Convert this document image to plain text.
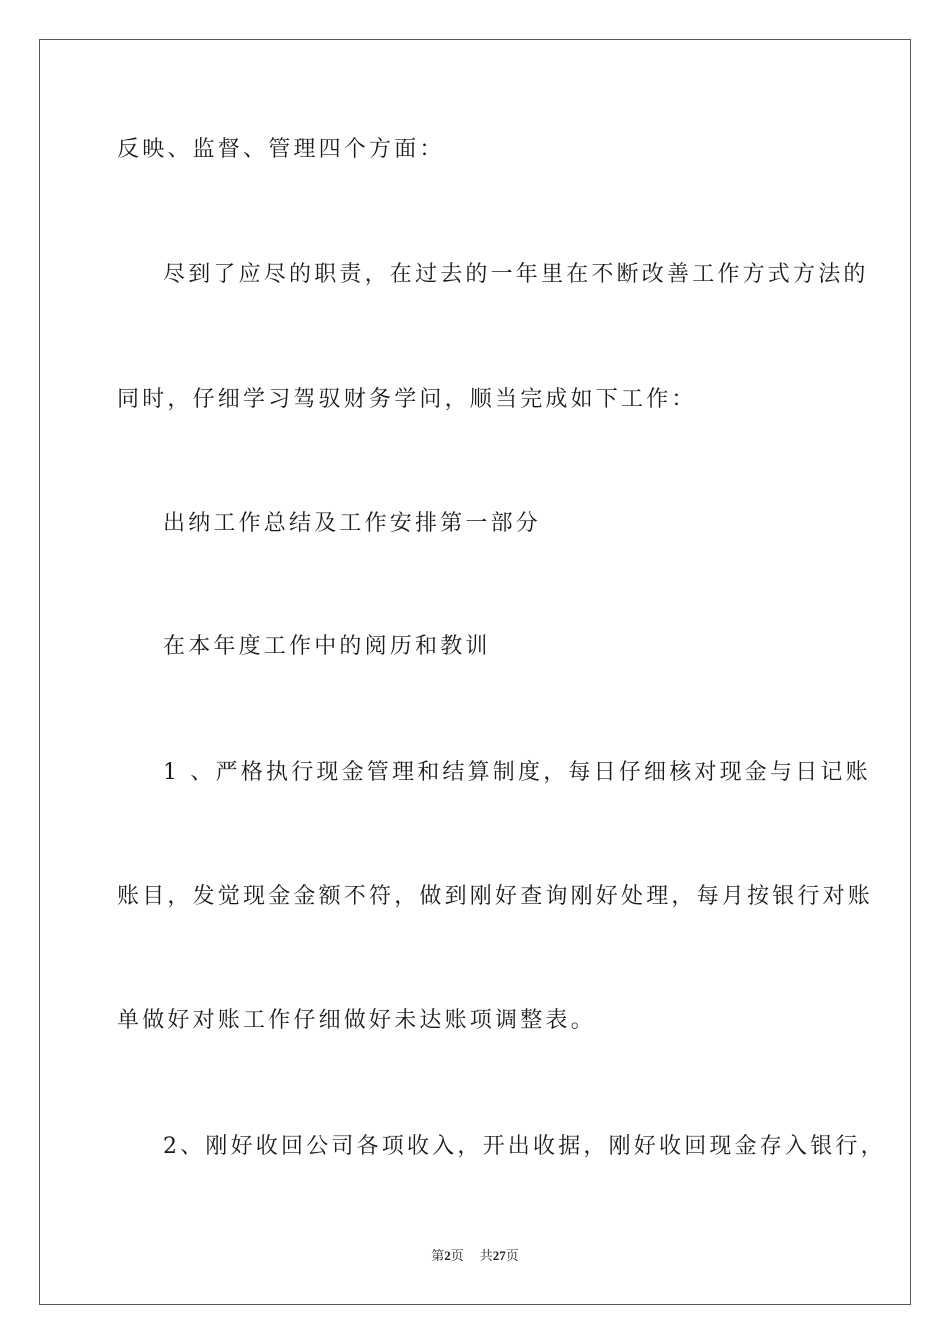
反映、监督、管理四个方面：

尽到了应尽的职责，在过去的一年里在不断改善工作方式方法的

同时，仔细学习驾驭财务学问，顺当完成如下工作：

出纳工作总结及工作安排第一部分

在本年度工作中的阅历和教训

1 、严格执行现金管理和结算制度，每日仔细核对现金与日记账

账目，发觉现金金额不符，做到刚好查询刚好处理，每月按银行对账

单做好对账工作仔细做好未达账项调整表。

2、刚好收回公司各项收入，开出收据，刚好收回现金存入银行，

第2页 共27页
